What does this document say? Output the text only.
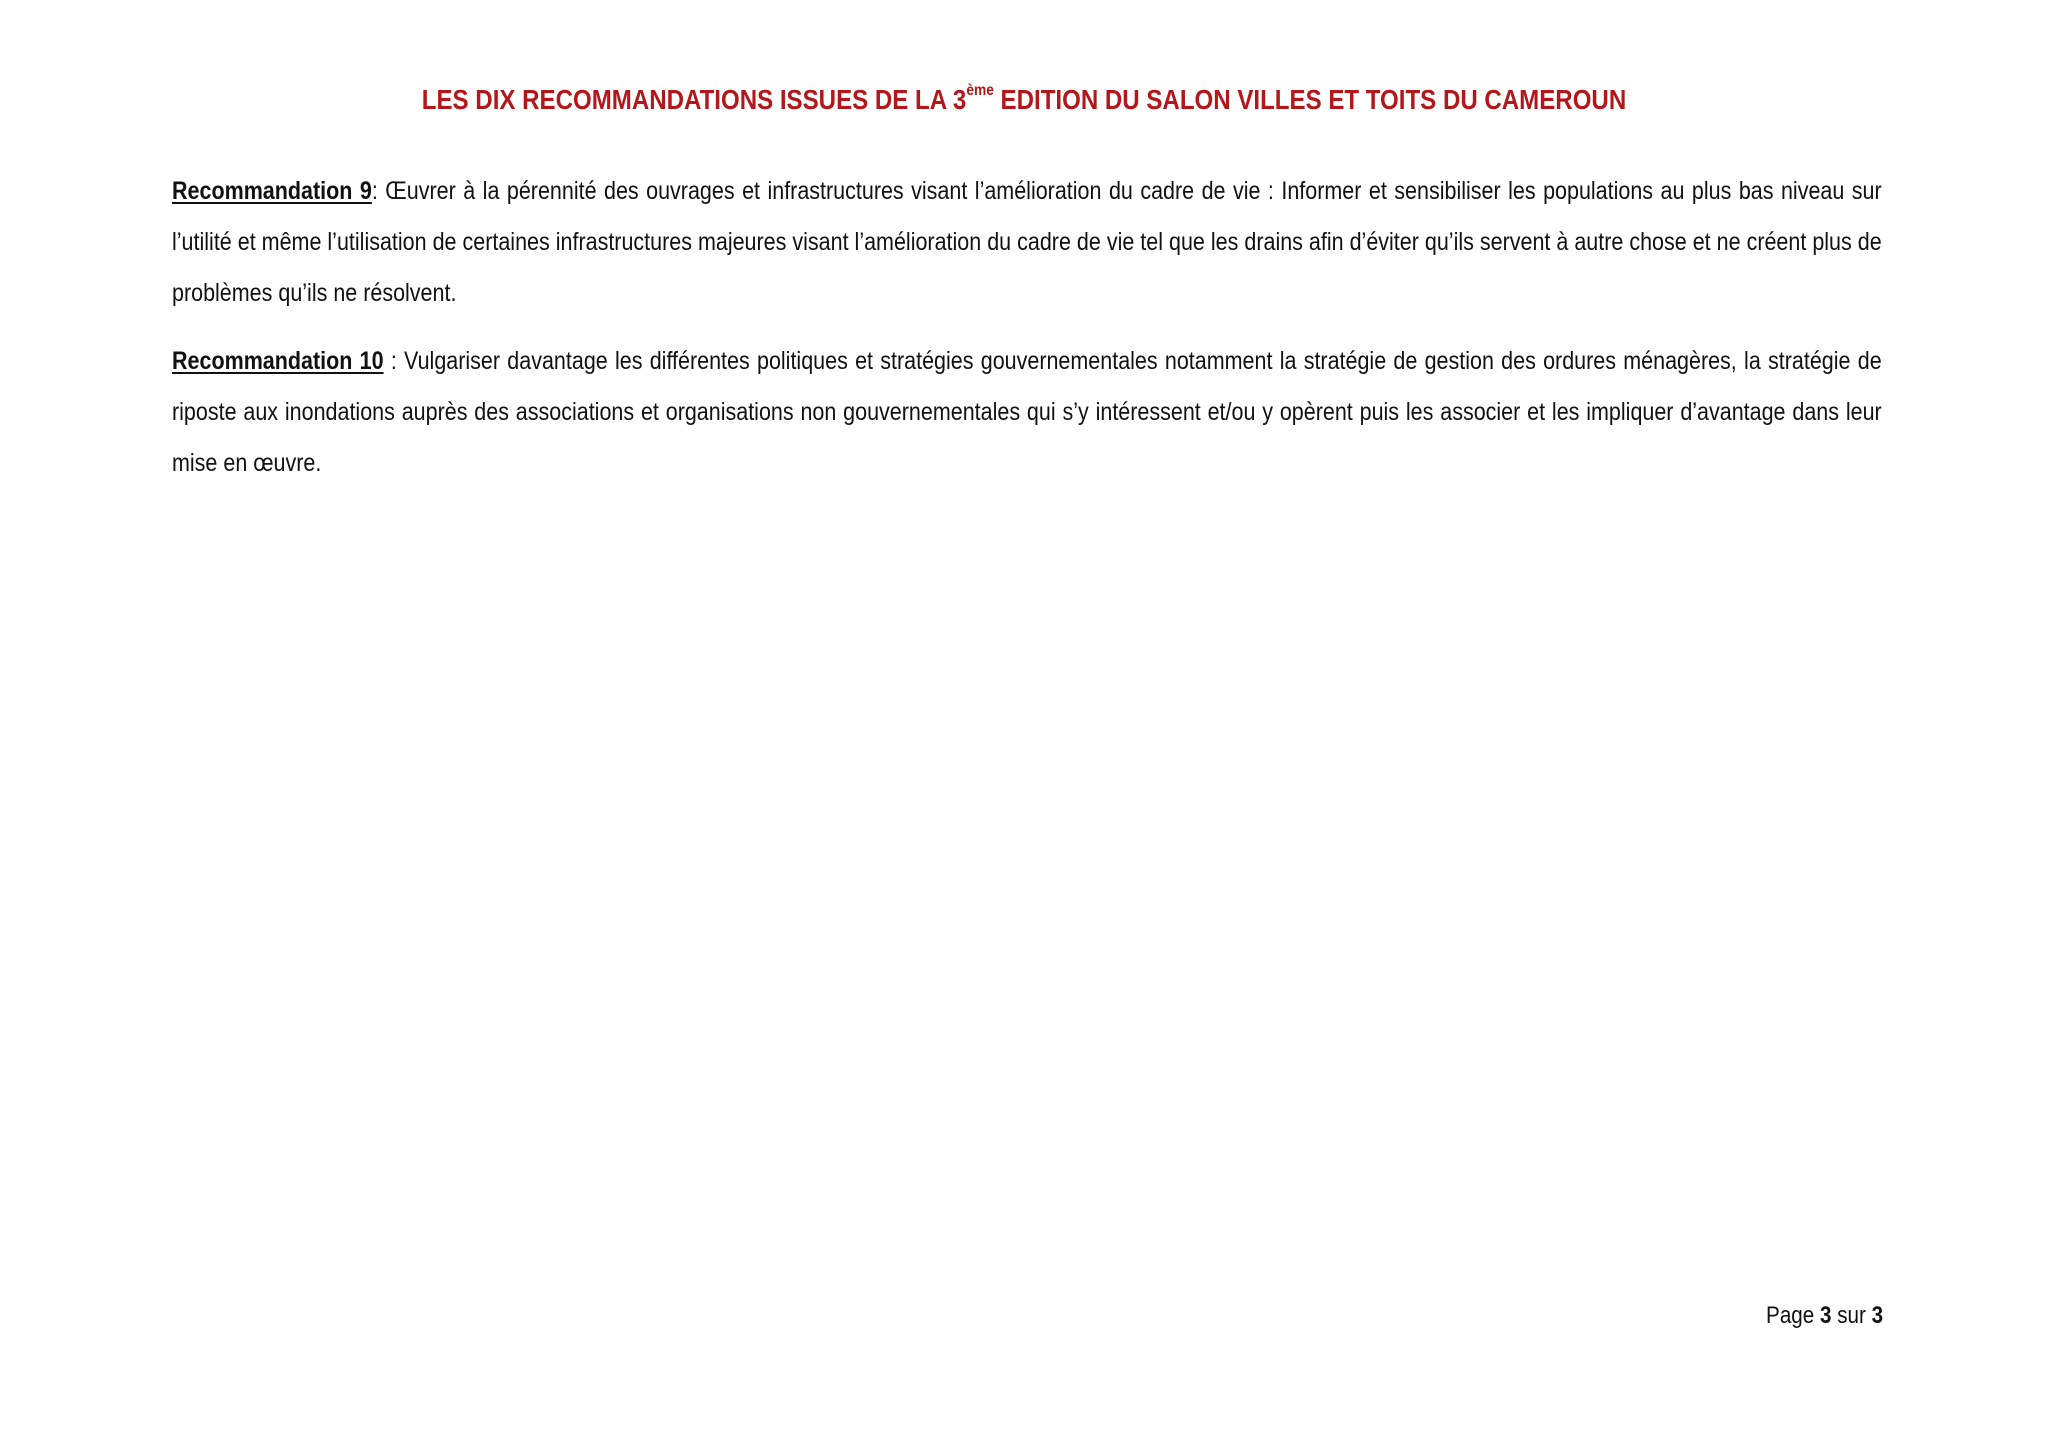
LES DIX RECOMMANDATIONS ISSUES DE LA 3ème EDITION DU SALON VILLES ET TOITS DU CAMEROUN

Recommandation 9: Œuvrer à la pérennité des ouvrages et infrastructures visant l’amélioration du cadre de vie : Informer et sensibiliser les populations au plus bas niveau sur l’utilité et même l’utilisation de certaines infrastructures majeures visant l’amélioration du cadre de vie tel que les drains afin d’éviter qu’ils servent à autre chose et ne créent plus de problèmes qu’ils ne résolvent.

Recommandation 10 : Vulgariser davantage les différentes politiques et stratégies gouvernementales notamment la stratégie de gestion des ordures ménagères, la stratégie de riposte aux inondations auprès des associations et organisations non gouvernementales qui s’y intéressent et/ou y opèrent puis les associer et les impliquer d’avantage dans leur mise en œuvre.

Page 3 sur 3
